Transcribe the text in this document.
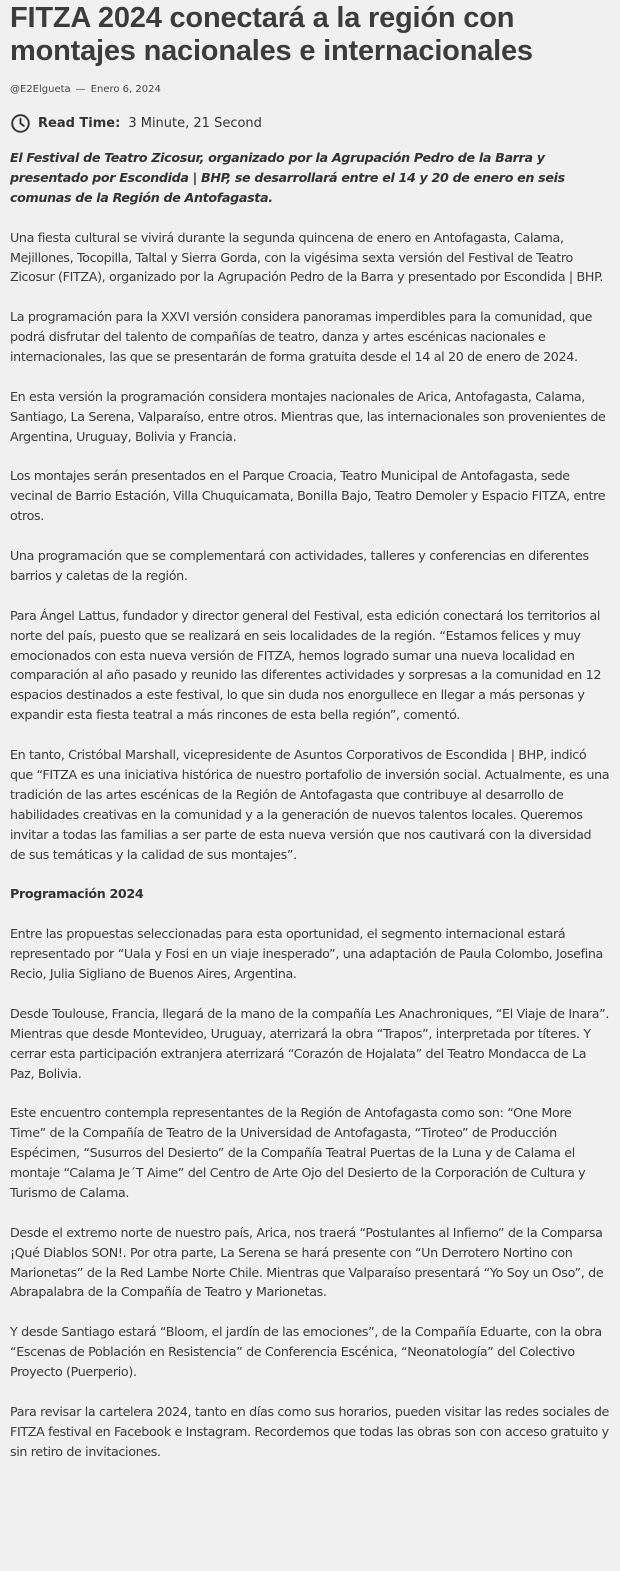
FITZA 2024 conectará a la región con montajes nacionales e internacionales
@E2Elgueta — Enero 6, 2024
Read Time: 3 Minute, 21 Second

El Festival de Teatro Zicosur, organizado por la Agrupación Pedro de la Barra y presentado por Escondida | BHP, se desarrollará entre el 14 y 20 de enero en seis comunas de la Región de Antofagasta.

Una fiesta cultural se vivirá durante la segunda quincena de enero en Antofagasta, Calama, Mejillones, Tocopilla, Taltal y Sierra Gorda, con la vigésima sexta versión del Festival de Teatro Zicosur (FITZA), organizado por la Agrupación Pedro de la Barra y presentado por Escondida | BHP.

La programación para la XXVI versión considera panoramas imperdibles para la comunidad, que podrá disfrutar del talento de compañías de teatro, danza y artes escénicas nacionales e internacionales, las que se presentarán de forma gratuita desde el 14 al 20 de enero de 2024.

En esta versión la programación considera montajes nacionales de Arica, Antofagasta, Calama, Santiago, La Serena, Valparaíso, entre otros. Mientras que, las internacionales son provenientes de Argentina, Uruguay, Bolivia y Francia.

Los montajes serán presentados en el Parque Croacia, Teatro Municipal de Antofagasta, sede vecinal de Barrio Estación, Villa Chuquicamata, Bonilla Bajo, Teatro Demoler y Espacio FITZA, entre otros.

Una programación que se complementará con actividades, talleres y conferencias en diferentes barrios y caletas de la región.

Para Ángel Lattus, fundador y director general del Festival, esta edición conectará los territorios al norte del país, puesto que se realizará en seis localidades de la región. “Estamos felices y muy emocionados con esta nueva versión de FITZA, hemos logrado sumar una nueva localidad en comparación al año pasado y reunido las diferentes actividades y sorpresas a la comunidad en 12 espacios destinados a este festival, lo que sin duda nos enorgullece en llegar a más personas y expandir esta fiesta teatral a más rincones de esta bella región”, comentó.

En tanto, Cristóbal Marshall, vicepresidente de Asuntos Corporativos de Escondida | BHP, indicó que “FITZA es una iniciativa histórica de nuestro portafolio de inversión social. Actualmente, es una tradición de las artes escénicas de la Región de Antofagasta que contribuye al desarrollo de habilidades creativas en la comunidad y a la generación de nuevos talentos locales. Queremos invitar a todas las familias a ser parte de esta nueva versión que nos cautivará con la diversidad de sus temáticas y la calidad de sus montajes”.

Programación 2024

Entre las propuestas seleccionadas para esta oportunidad, el segmento internacional estará representado por “Uala y Fosi en un viaje inesperado”, una adaptación de Paula Colombo, Josefina Recio, Julia Sigliano de Buenos Aires, Argentina.

Desde Toulouse, Francia, llegará de la mano de la compañía Les Anachroniques, “El Viaje de Inara”. Mientras que desde Montevideo, Uruguay, aterrizará la obra “Trapos”, interpretada por títeres. Y cerrar esta participación extranjera aterrizará “Corazón de Hojalata” del Teatro Mondacca de La Paz, Bolivia.

Este encuentro contempla representantes de la Región de Antofagasta como son: “One More Time” de la Compañía de Teatro de la Universidad de Antofagasta, “Tiroteo” de Producción Espécimen, “Susurros del Desierto” de la Compañía Teatral Puertas de la Luna y de Calama el montaje “Calama Je´T Aime” del Centro de Arte Ojo del Desierto de la Corporación de Cultura y Turismo de Calama.

Desde el extremo norte de nuestro país, Arica, nos traerá “Postulantes al Infierno” de la Comparsa ¡Qué Diablos SON!. Por otra parte, La Serena se hará presente con “Un Derrotero Nortino con Marionetas” de la Red Lambe Norte Chile. Mientras que Valparaíso presentará “Yo Soy un Oso”, de Abrapalabra de la Compañía de Teatro y Marionetas.

Y desde Santiago estará “Bloom, el jardín de las emociones”, de la Compañía Eduarte, con la obra “Escenas de Población en Resistencia” de Conferencia Escénica, “Neonatología” del Colectivo Proyecto (Puerperio).

Para revisar la cartelera 2024, tanto en días como sus horarios, pueden visitar las redes sociales de FITZA festival en Facebook e Instagram. Recordemos que todas las obras son con acceso gratuito y sin retiro de invitaciones.
